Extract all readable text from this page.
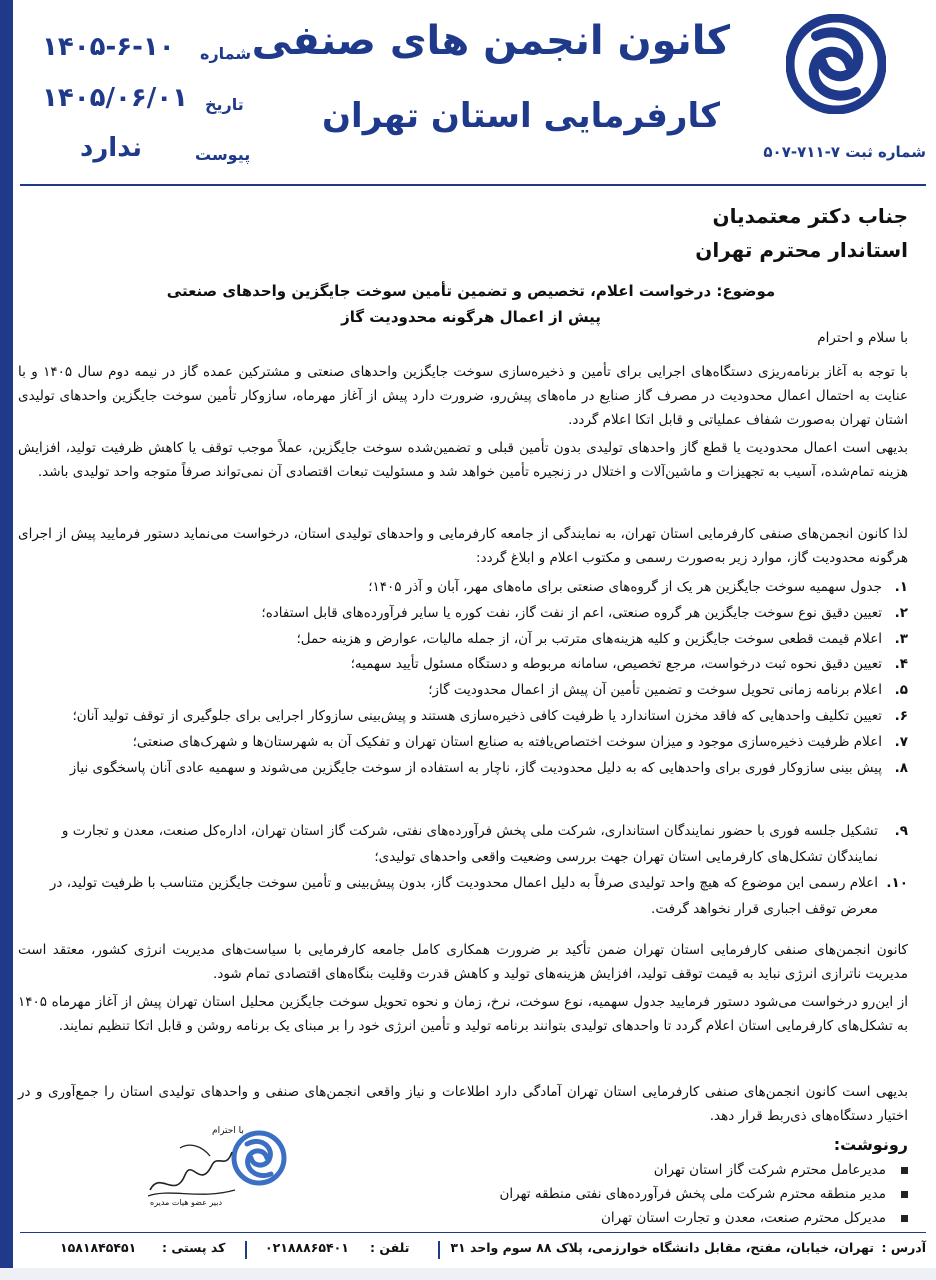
شماره ثبت ۷-۷۱۱-۵۰۷
کانون انجمن های صنفی
کارفرمایی استان تهران
شماره
۱۴۰۵-۶-۱۰
تاریخ
۱۴۰۵/۰۶/۰۱
پیوست
ندارد
جناب دکتر معتمدیان
استاندار محترم تهران
موضوع: درخواست اعلام، تخصیص و تضمین تأمین سوخت جایگزین واحدهای صنعتی
پیش از اعمال هرگونه محدودیت گاز
با سلام و احترام
با توجه به آغاز برنامه‌ریزی دستگاه‌های اجرایی برای تأمین و ذخیره‌سازی سوخت جایگزین واحدهای صنعتی و مشترکین عمده گاز در نیمه دوم سال ۱۴۰۵ و با عنایت به احتمال اعمال محدودیت در مصرف گاز صنایع در ماه‌های پیش‌رو، ضرورت دارد پیش از آغاز مهرماه، سازوکار تأمین سوخت جایگزین واحدهای تولیدی اشتان تهران به‌صورت شفاف عملیاتی و قابل اتکا اعلام گردد.
بدیهی است اعمال محدودیت یا قطع گاز واحدهای تولیدی بدون تأمین قبلی و تضمین‌شده سوخت جایگزین، عملاً موجب توقف یا کاهش ظرفیت تولید، افزایش هزینه تمام‌شده، آسیب به تجهیزات و ماشین‌آلات و اختلال در زنجیره تأمین خواهد شد و مسئولیت تبعات اقتصادی آن نمی‌تواند صرفاً متوجه واحد تولیدی باشد.
لذا کانون انجمن‌های صنفی کارفرمایی استان تهران، به نمایندگی از جامعه کارفرمایی و واحدهای تولیدی استان، درخواست می‌نماید دستور فرمایید پیش از اجرای هرگونه محدودیت گاز، موارد زیر به‌صورت رسمی و مکتوب اعلام و ابلاغ گردد:
۱.
جدول سهمیه سوخت جایگزین هر یک از گروه‌های صنعتی برای ماه‌های مهر، آبان و آذر ۱۴۰۵؛
۲.
تعیین دقیق نوع سوخت جایگزین هر گروه صنعتی، اعم از نفت گاز، نفت کوره یا سایر فرآورده‌های قابل استفاده؛
۳.
اعلام قیمت قطعی سوخت جایگزین و کلیه هزینه‌های مترتب بر آن، از جمله مالیات، عوارض و هزینه حمل؛
۴.
تعیین دقیق نحوه ثبت درخواست، مرجع تخصیص، سامانه مربوطه و دستگاه مسئول تأیید سهمیه؛
۵.
اعلام برنامه زمانی تحویل سوخت و تضمین تأمین آن پیش از اعمال محدودیت گاز؛
۶.
تعیین تکلیف واحدهایی که فاقد مخزن استاندارد یا ظرفیت کافی ذخیره‌سازی هستند و پیش‌بینی سازوکار اجرایی برای جلوگیری از توقف تولید آنان؛
۷.
اعلام ظرفیت ذخیره‌سازی موجود و میزان سوخت اختصاص‌یافته به صنایع استان تهران و تفکیک آن به شهرستان‌ها و شهرک‌های صنعتی؛
۸.
پیش بینی سازوکار فوری برای واحدهایی که به دلیل محدودیت گاز، ناچار به استفاده از سوخت جایگزین می‌شوند و سهمیه عادی آنان پاسخگوی نیاز
۹.
تشکیل جلسه فوری با حضور نمایندگان استانداری، شرکت ملی پخش فرآورده‌های نفتی، شرکت گاز استان تهران، اداره‌کل صنعت، معدن و تجارت و نمایندگان تشکل‌های کارفرمایی استان تهران جهت بررسی وضعیت واقعی واحدهای تولیدی؛
۱۰.
اعلام رسمی این موضوع که هیچ واحد تولیدی صرفاً به دلیل اعمال محدودیت گاز، بدون پیش‌بینی و تأمین سوخت جایگزین متناسب با ظرفیت تولید، در معرض توقف اجباری قرار نخواهد گرفت.
کانون انجمن‌های صنفی کارفرمایی استان تهران ضمن تأکید بر ضرورت همکاری کامل جامعه کارفرمایی با سیاست‌های مدیریت انرژی کشور، معتقد است مدیریت ناترازی انرژی نباید به قیمت توقف تولید، افزایش هزینه‌های تولید و کاهش قدرت وقلیت بنگاه‌های اقتصادی تمام شود.
از این‌رو درخواست می‌شود دستور فرمایید جدول سهمیه، نوع سوخت، نرخ، زمان و نحوه تحویل سوخت جایگزین محلیل استان تهران پیش از آغاز مهرماه ۱۴۰۵ به تشکل‌های کارفرمایی استان اعلام گردد تا واحدهای تولیدی بتوانند برنامه تولید و تأمین انرژی خود را بر مبنای یک برنامه روشن و قابل اتکا تنظیم نمایند.
بدیهی است کانون انجمن‌های صنفی کارفرمایی استان تهران آمادگی دارد اطلاعات و نیاز واقعی انجمن‌های صنفی و واحدهای تولیدی استان را جمع‌آوری و در اختیار دستگاه‌های ذی‌ربط قرار دهد.
رونوشت:
مدیرعامل محترم شرکت گاز استان تهران
مدیر منطقه محترم شرکت ملی پخش فرآورده‌های نفتی منطقه تهران
مدیرکل محترم صنعت، معدن و تجارت استان تهران
با احترام
دبیر عضو هیات مدیره
آدرس :
تهران، خیابان، مفتح، مقابل دانشگاه خوارزمی، پلاک ۸۸ سوم واحد ۳۱
تلفن :
۰۲۱۸۸۸۶۵۴۰۱
کد پستی :
۱۵۸۱۸۴۵۴۵۱
